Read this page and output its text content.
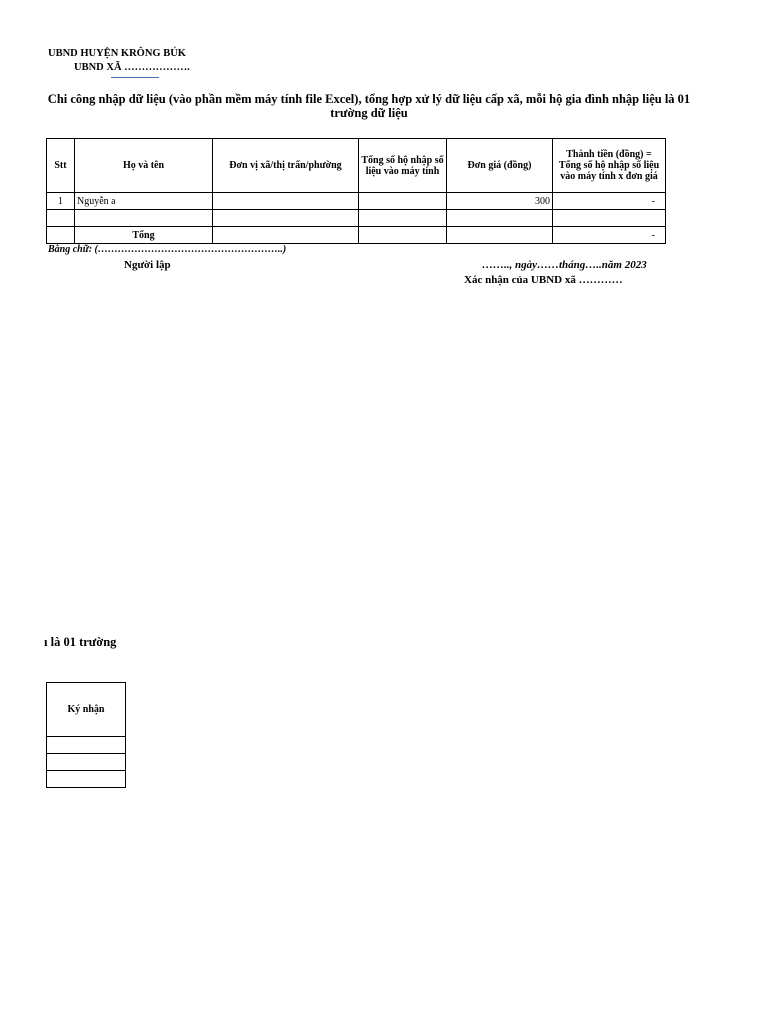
UBND HUYỆN KRÔNG BÚK
UBND XÃ ……………….
Chi công nhập dữ liệu (vào phần mềm máy tính file Excel), tổng hợp xử lý dữ liệu cấp xã, mỗi hộ gia đình nhập liệu là 01 trường dữ liệu
Stt	Họ và tên	Đơn vị xã/thị trấn/phường	Tổng số hộ nhập số liệu vào máy tính	Đơn giá (đồng)	Thành tiền (đồng) = Tổng số hộ nhập số liệu vào máy tính x đơn giá
1	Nguyễn a			300	-

	Tổng				-
Bằng chữ: (………………………………………………..)
Người lập	…….., ngày……tháng…..năm 2023
Xác nhận của UBND xã …………
ı là 01 trường
Ký nhận
